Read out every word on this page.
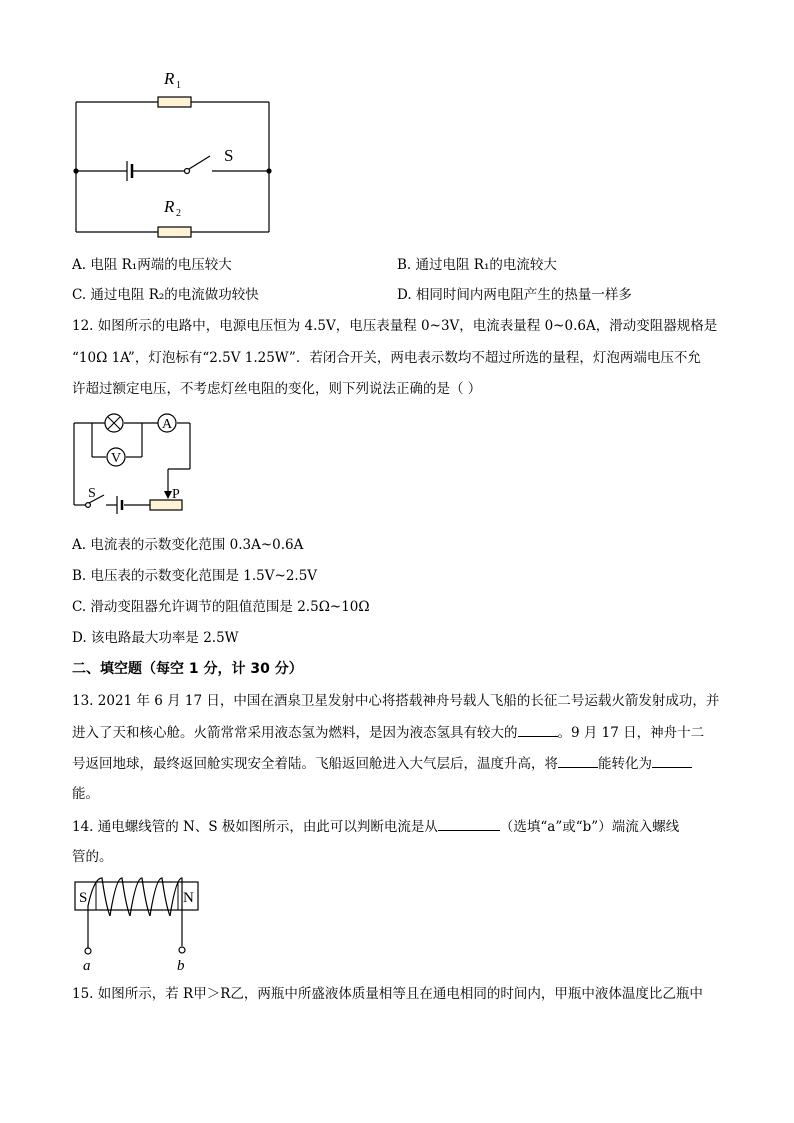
R 1
R 2
S
A. 电阻 R₁两端的电压较大	B. 通过电阻 R₁的电流较大
C. 通过电阻 R₂的电流做功较快	D. 相同时间内两电阻产生的热量一样多
12. 如图所示的电路中，电源电压恒为 4.5V，电压表量程 0~3V，电流表量程 0~0.6A，滑动变阻器规格是
“10Ω 1A”，灯泡标有“2.5V 1.25W”．若闭合开关，两电表示数均不超过所选的量程，灯泡两端电压不允
许超过额定电压，不考虑灯丝电阻的变化，则下列说法正确的是（ ）
A
V
S	P
A. 电流表的示数变化范围 0.3A~0.6A
B. 电压表的示数变化范围是 1.5V~2.5V
C. 滑动变阻器允许调节的阻值范围是 2.5Ω~10Ω
D. 该电路最大功率是 2.5W
二、填空题（每空 1 分，计 30 分）
13. 2021 年 6 月 17 日，中国在酒泉卫星发射中心将搭载神舟号载人飞船的长征二号运载火箭发射成功，并
进入了天和核心舱。火箭常常采用液态氢为燃料，是因为液态氢具有较大的	。9 月 17 日，神舟十二
号返回地球，最终返回舱实现安全着陆。飞船返回舱进入大气层后，温度升高，将	能转化为
能。
14. 通电螺线管的 N、S 极如图所示，由此可以判断电流是从	（选填“a”或“b”）端流入螺线
管的。
S	N
a	b
15. 如图所示，若 R甲＞R乙，两瓶中所盛液体质量相等且在通电相同的时间内，甲瓶中液体温度比乙瓶中
